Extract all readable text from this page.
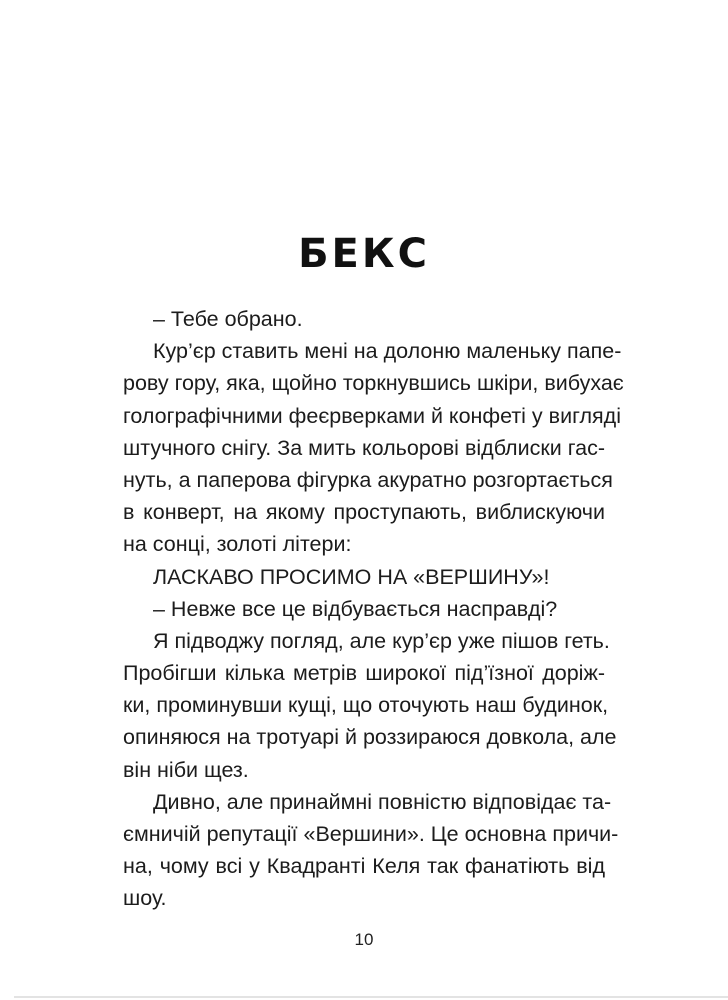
БЕКС
– Тебе обрано.
Кур’єр ставить мені на долоню маленьку папе-
рову гору, яка, щойно торкнувшись шкіри, вибухає
голографічними феєрверками й конфеті у вигляді
штучного снігу. За мить кольорові відблиски гас-
нуть, а паперова фігурка акуратно розгортається
в конверт, на якому проступають, виблискуючи
на сонці, золоті літери:
ЛАСКАВО ПРОСИМО НА «ВЕРШИНУ»!
– Невже все це відбувається насправді?
Я підводжу погляд, але кур’єр уже пішов геть.
Пробігши кілька метрів широкої під’їзної доріж-
ки, проминувши кущі, що оточують наш будинок,
опиняюся на тротуарі й роззираюся довкола, але
він ніби щез.
Дивно, але принаймні повністю відповідає та-
ємничій репутації «Вершини». Це основна причи-
на, чому всі у Квадранті Келя так фанатіють від
шоу.
10
